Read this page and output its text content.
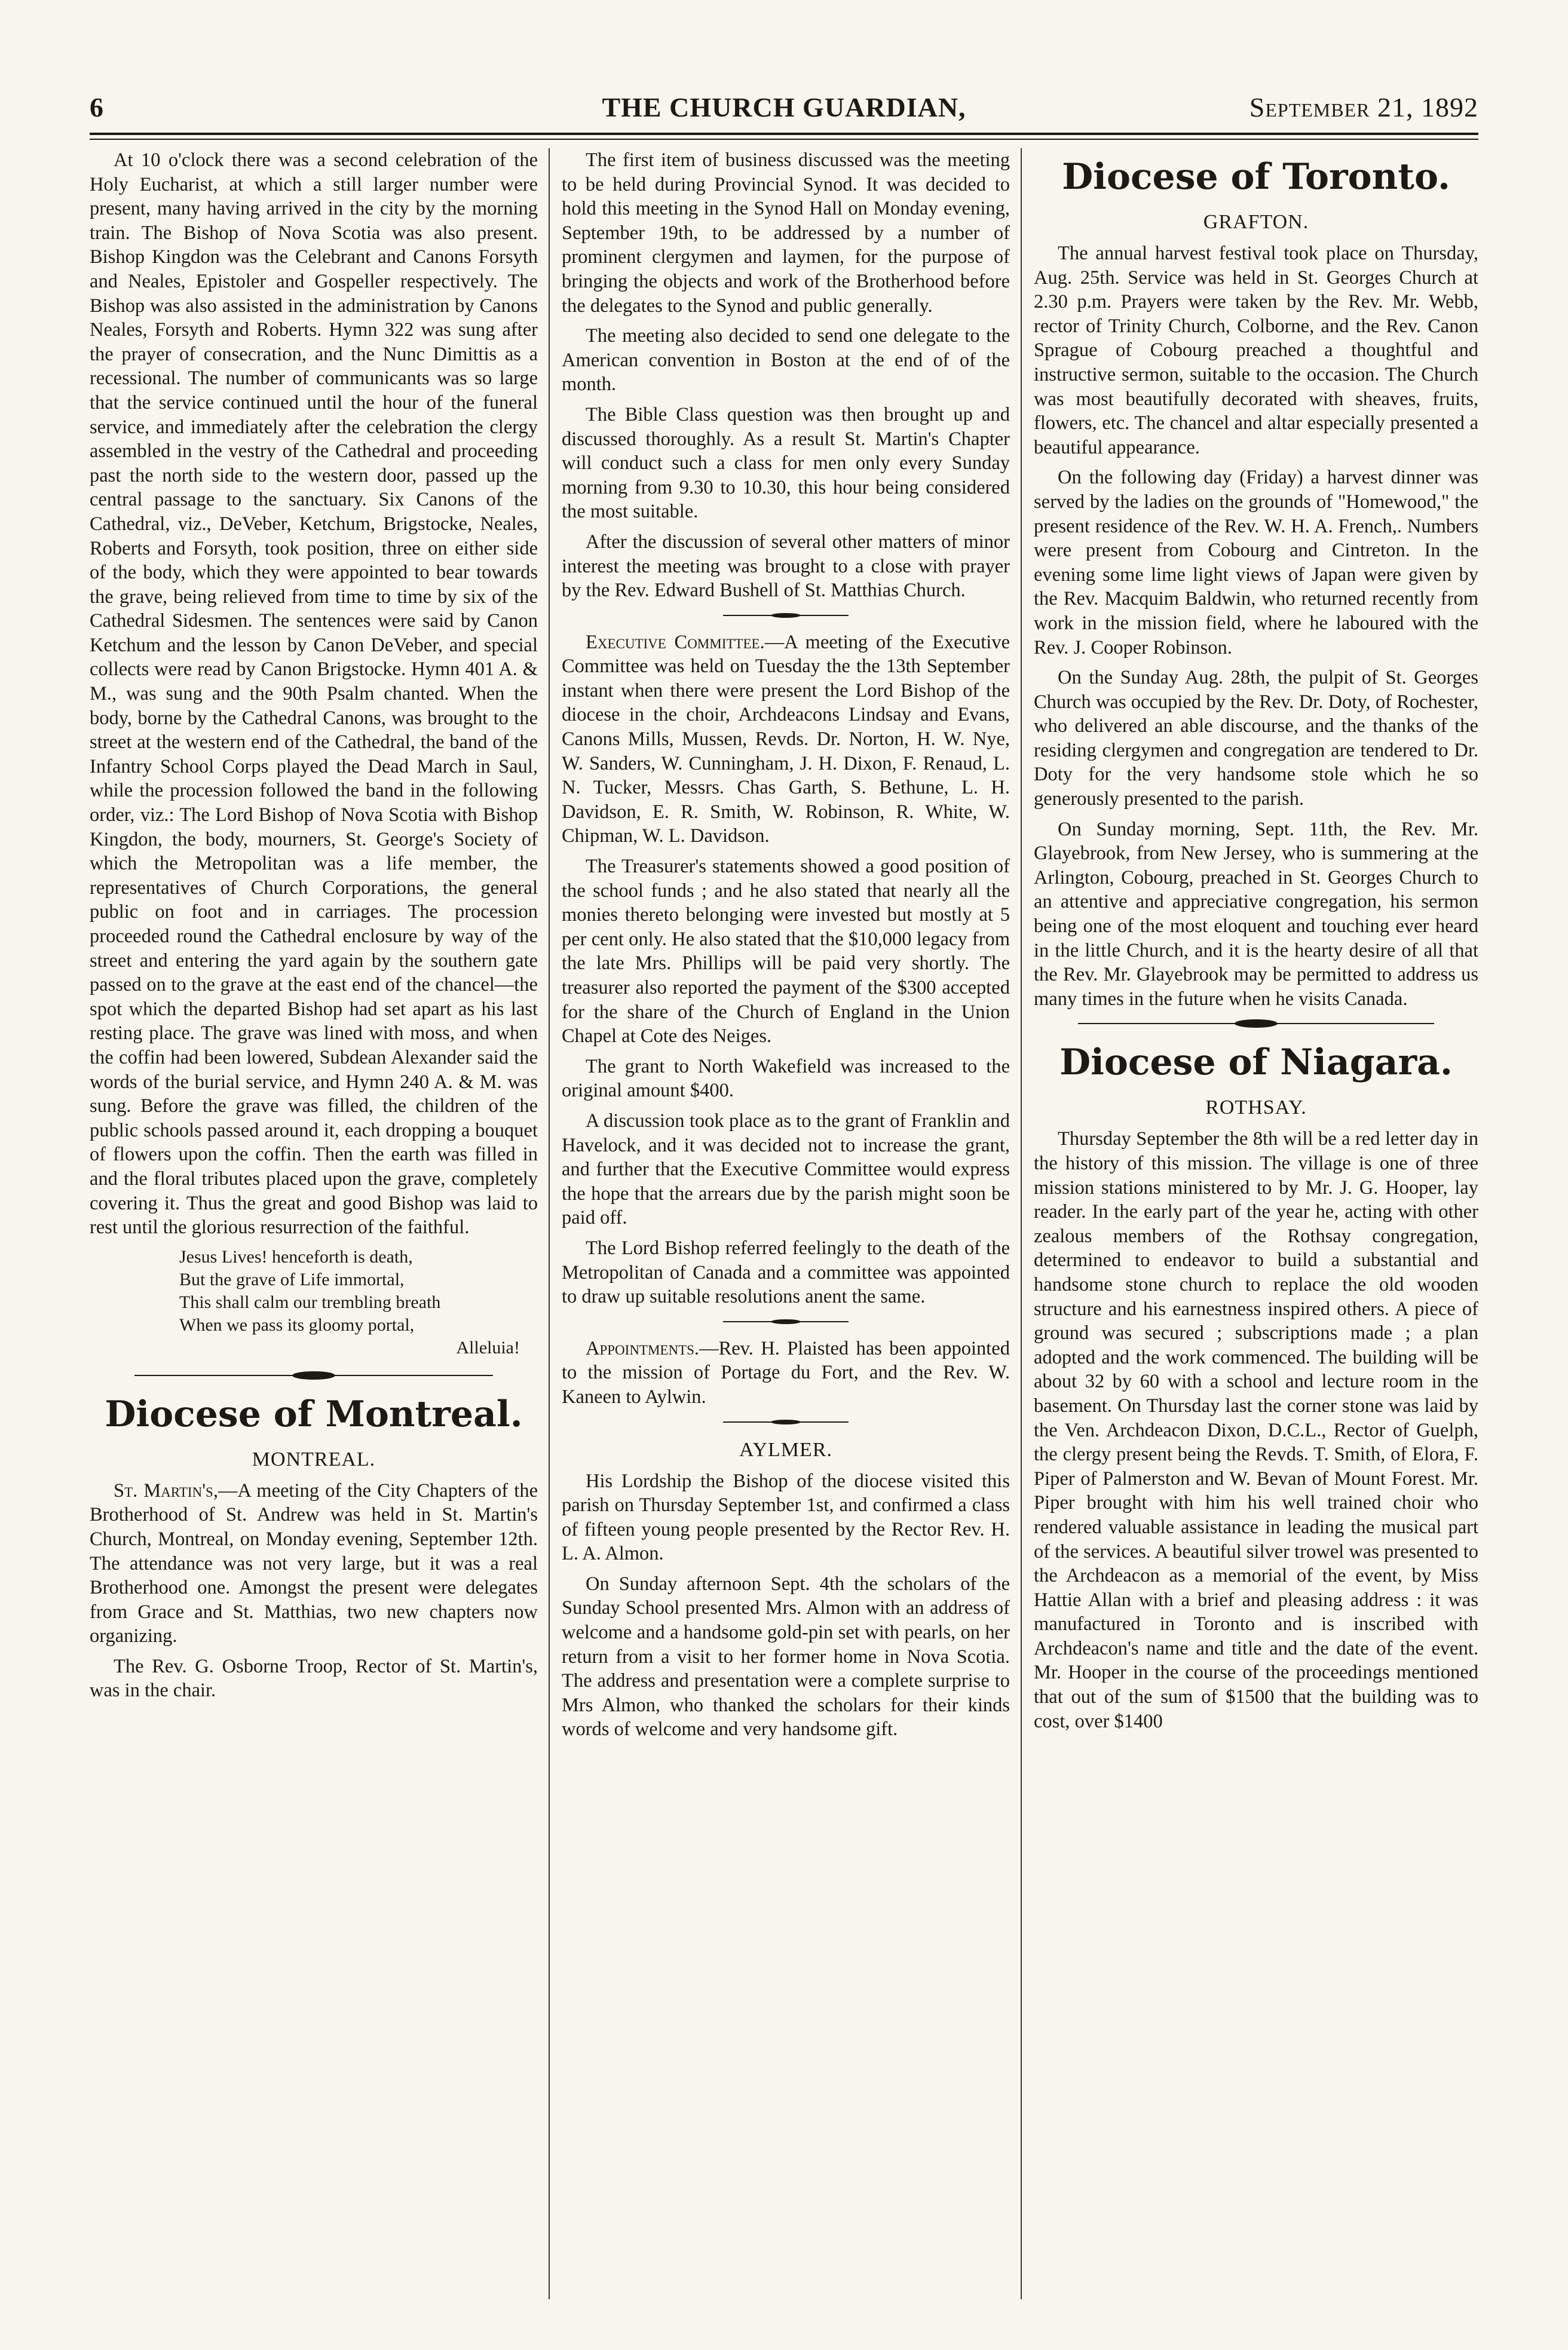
THE CHURCH GUARDIAN,
6	September 21, 1892

At 10 o'clock there was a second celebration of the Holy Eucharist, at which a still larger number were present, many having arrived in the city by the morning train. The Bishop of Nova Scotia was also present. Bishop Kingdon was the Celebrant and Canons Forsyth and Neales, Epistoler and Gospeller respectively. The Bishop was also assisted in the administration by Canons Neales, Forsyth and Roberts. Hymn 322 was sung after the prayer of consecration, and the Nunc Dimittis as a recessional. The number of communicants was so large that the service continued until the hour of the funeral service, and immediately after the celebration the clergy assembled in the vestry of the Cathedral and proceeding past the north side to the western door, passed up the central passage to the sanctuary. Six Canons of the Cathedral, viz., DeVeber, Ketchum, Brigstocke, Neales, Roberts and Forsyth, took position, three on either side of the body, which they were appointed to bear towards the grave, being relieved from time to time by six of the Cathedral Sidesmen. The sentences were said by Canon Ketchum and the lesson by Canon DeVeber, and special collects were read by Canon Brigstocke. Hymn 401 A. & M., was sung and the 90th Psalm chanted. When the body, borne by the Cathedral Canons, was brought to the street at the western end of the Cathedral, the band of the Infantry School Corps played the Dead March in Saul, while the procession followed the band in the following order, viz.: The Lord Bishop of Nova Scotia with Bishop Kingdon, the body, mourners, St. George's Society of which the Metropolitan was a life member, the representatives of Church Corporations, the general public on foot and in carriages. The procession proceeded round the Cathedral enclosure by way of the street and entering the yard again by the southern gate passed on to the grave at the east end of the chancel—the spot which the departed Bishop had set apart as his last resting place. The grave was lined with moss, and when the coffin had been lowered, Subdean Alexander said the words of the burial service, and Hymn 240 A. & M. was sung. Before the grave was filled, the children of the public schools passed around it, each dropping a bouquet of flowers upon the coffin. Then the earth was filled in and the floral tributes placed upon the grave, completely covering it. Thus the great and good Bishop was laid to rest until the glorious resurrection of the faithful.

Jesus Lives! henceforth is death,
But the grave of Life immortal,
This shall calm our trembling breath
When we pass its gloomy portal,
Alleluia!
Diocese of Montreal.
MONTREAL.

St. Martin's,—A meeting of the City Chapters of the Brotherhood of St. Andrew was held in St. Martin's Church, Montreal, on Monday evening, September 12th. The attendance was not very large, but it was a real Brotherhood one. Amongst the present were delegates from Grace and St. Matthias, two new chapters now organizing.

The Rev. G. Osborne Troop, Rector of St. Martin's, was in the chair.

The first item of business discussed was the meeting to be held during Provincial Synod. It was decided to hold this meeting in the Synod Hall on Monday evening, September 19th, to be addressed by a number of prominent clergymen and laymen, for the purpose of bringing the objects and work of the Brotherhood before the delegates to the Synod and public generally.

The meeting also decided to send one delegate to the American convention in Boston at the end of of the month.

The Bible Class question was then brought up and discussed thoroughly. As a result St. Martin's Chapter will conduct such a class for men only every Sunday morning from 9.30 to 10.30, this hour being considered the most suitable.

After the discussion of several other matters of minor interest the meeting was brought to a close with prayer by the Rev. Edward Bushell of St. Matthias Church.

Executive Committee.—A meeting of the Executive Committee was held on Tuesday the the 13th September instant when there were present the Lord Bishop of the diocese in the choir, Archdeacons Lindsay and Evans, Canons Mills, Mussen, Revds. Dr. Norton, H. W. Nye, W. Sanders, W. Cunningham, J. H. Dixon, F. Renaud, L. N. Tucker, Messrs. Chas Garth, S. Bethune, L. H. Davidson, E. R. Smith, W. Robinson, R. White, W. Chipman, W. L. Davidson.

The Treasurer's statements showed a good position of the school funds ; and he also stated that nearly all the monies thereto belonging were invested but mostly at 5 per cent only. He also stated that the $10,000 legacy from the late Mrs. Phillips will be paid very shortly. The treasurer also reported the payment of the $300 accepted for the share of the Church of England in the Union Chapel at Cote des Neiges.

The grant to North Wakefield was increased to the original amount $400.

A discussion took place as to the grant of Franklin and Havelock, and it was decided not to increase the grant, and further that the Executive Committee would express the hope that the arrears due by the parish might soon be paid off.

The Lord Bishop referred feelingly to the death of the Metropolitan of Canada and a committee was appointed to draw up suitable resolutions anent the same.

Appointments.—Rev. H. Plaisted has been appointed to the mission of Portage du Fort, and the Rev. W. Kaneen to Aylwin.

AYLMER.

His Lordship the Bishop of the diocese visited this parish on Thursday September 1st, and confirmed a class of fifteen young people presented by the Rector Rev. H. L. A. Almon.

On Sunday afternoon Sept. 4th the scholars of the Sunday School presented Mrs. Almon with an address of welcome and a handsome gold-pin set with pearls, on her return from a visit to her former home in Nova Scotia. The address and presentation were a complete surprise to Mrs Almon, who thanked the scholars for their kinds words of welcome and very handsome gift.

Diocese of Toronto.
GRAFTON.

The annual harvest festival took place on Thursday, Aug. 25th. Service was held in St. Georges Church at 2.30 p.m. Prayers were taken by the Rev. Mr. Webb, rector of Trinity Church, Colborne, and the Rev. Canon Sprague of Cobourg preached a thoughtful and instructive sermon, suitable to the occasion. The Church was most beautifully decorated with sheaves, fruits, flowers, etc. The chancel and altar especially presented a beautiful appearance.

On the following day (Friday) a harvest dinner was served by the ladies on the grounds of "Homewood," the present residence of the Rev. W. H. A. French,. Numbers were present from Cobourg and Cintreton. In the evening some lime light views of Japan were given by the Rev. Macquim Baldwin, who returned recently from work in the mission field, where he laboured with the Rev. J. Cooper Robinson.

On the Sunday Aug. 28th, the pulpit of St. Georges Church was occupied by the Rev. Dr. Doty, of Rochester, who delivered an able discourse, and the thanks of the residing clergymen and congregation are tendered to Dr. Doty for the very handsome stole which he so generously presented to the parish.

On Sunday morning, Sept. 11th, the Rev. Mr. Glayebrook, from New Jersey, who is summering at the Arlington, Cobourg, preached in St. Georges Church to an attentive and appreciative congregation, his sermon being one of the most eloquent and touching ever heard in the little Church, and it is the hearty desire of all that the Rev. Mr. Glayebrook may be permitted to address us many times in the future when he visits Canada.

Diocese of Niagara.
ROTHSAY.

Thursday September the 8th will be a red letter day in the history of this mission. The village is one of three mission stations ministered to by Mr. J. G. Hooper, lay reader. In the early part of the year he, acting with other zealous members of the Rothsay congregation, determined to endeavor to build a substantial and handsome stone church to replace the old wooden structure and his earnestness inspired others. A piece of ground was secured ; subscriptions made ; a plan adopted and the work commenced. The building will be about 32 by 60 with a school and lecture room in the basement. On Thursday last the corner stone was laid by the Ven. Archdeacon Dixon, D.C.L., Rector of Guelph, the clergy present being the Revds. T. Smith, of Elora, F. Piper of Palmerston and W. Bevan of Mount Forest. Mr. Piper brought with him his well trained choir who rendered valuable assistance in leading the musical part of the services. A beautiful silver trowel was presented to the Archdeacon as a memorial of the event, by Miss Hattie Allan with a brief and pleasing address : it was manufactured in Toronto and is inscribed with Archdeacon's name and title and the date of the event. Mr. Hooper in the course of the proceedings mentioned that out of the sum of $1500 that the building was to cost, over $1400
